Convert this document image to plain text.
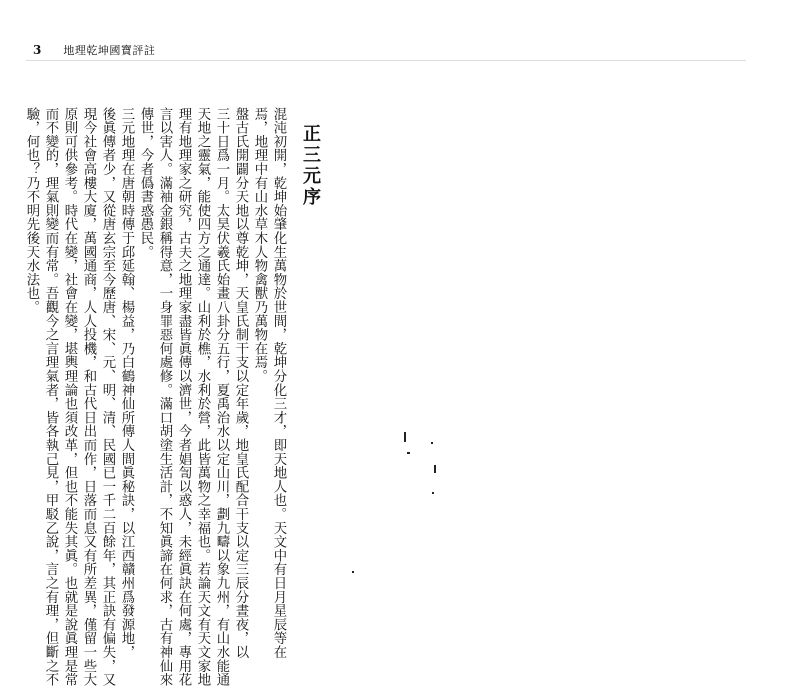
3 地理乾坤國寶評註
正三元序
混沌初開，乾坤始肇化生萬物於世間，乾坤分化三才，即天地人也。天文中有日月星辰等在
焉，地理中有山水草木人物禽獸乃萬物在焉。
盤古氏開闢分天地以尊乾坤，天皇氏制干支以定年歲，地皇氏配合干支以定三辰分晝夜，以
三十日爲一月。太昊伏羲氏始畫八卦分五行，夏禹治水以定山川，劃九疇以象九州，有山水能通
天地之靈氣，能使四方之通達。山利於樵，水利於營，此皆萬物之幸福也。若論天文有天文家地
理有地理家之研究，古夫之地理家盡皆眞傳以濟世，今者娼訇以惑人，未經眞訣在何處，專用花
言以害人。滿袖金銀稱得意，一身罪惡何處修。滿口胡塗生活計，不知眞諦在何求，古有神仙來
傳世，今者僞書惑愚民。
三元地理在唐朝時傳于邱延翰、楊益，乃白鶴神仙所傳人間眞秘訣，以江西贛州爲發源地，
後眞傳者少，又從唐玄宗至今歷唐、宋、元、明、清、民國已一千二百餘年，其正訣有偏失，又
現今社會高樓大廈，萬國通商，人人投機，和古代日出而作，日落而息又有所差異，僅留一些大
原則可供參考。時代在變，社會在變，堪輿理論也須改革，但也不能失其眞。也就是說眞理是常
而不變的，理氣則變而有常。吾觀今之言理氣者，皆各執己見，甲駁乙說，言之有理，但斷之不
驗，何也？乃不明先後天水法也。
